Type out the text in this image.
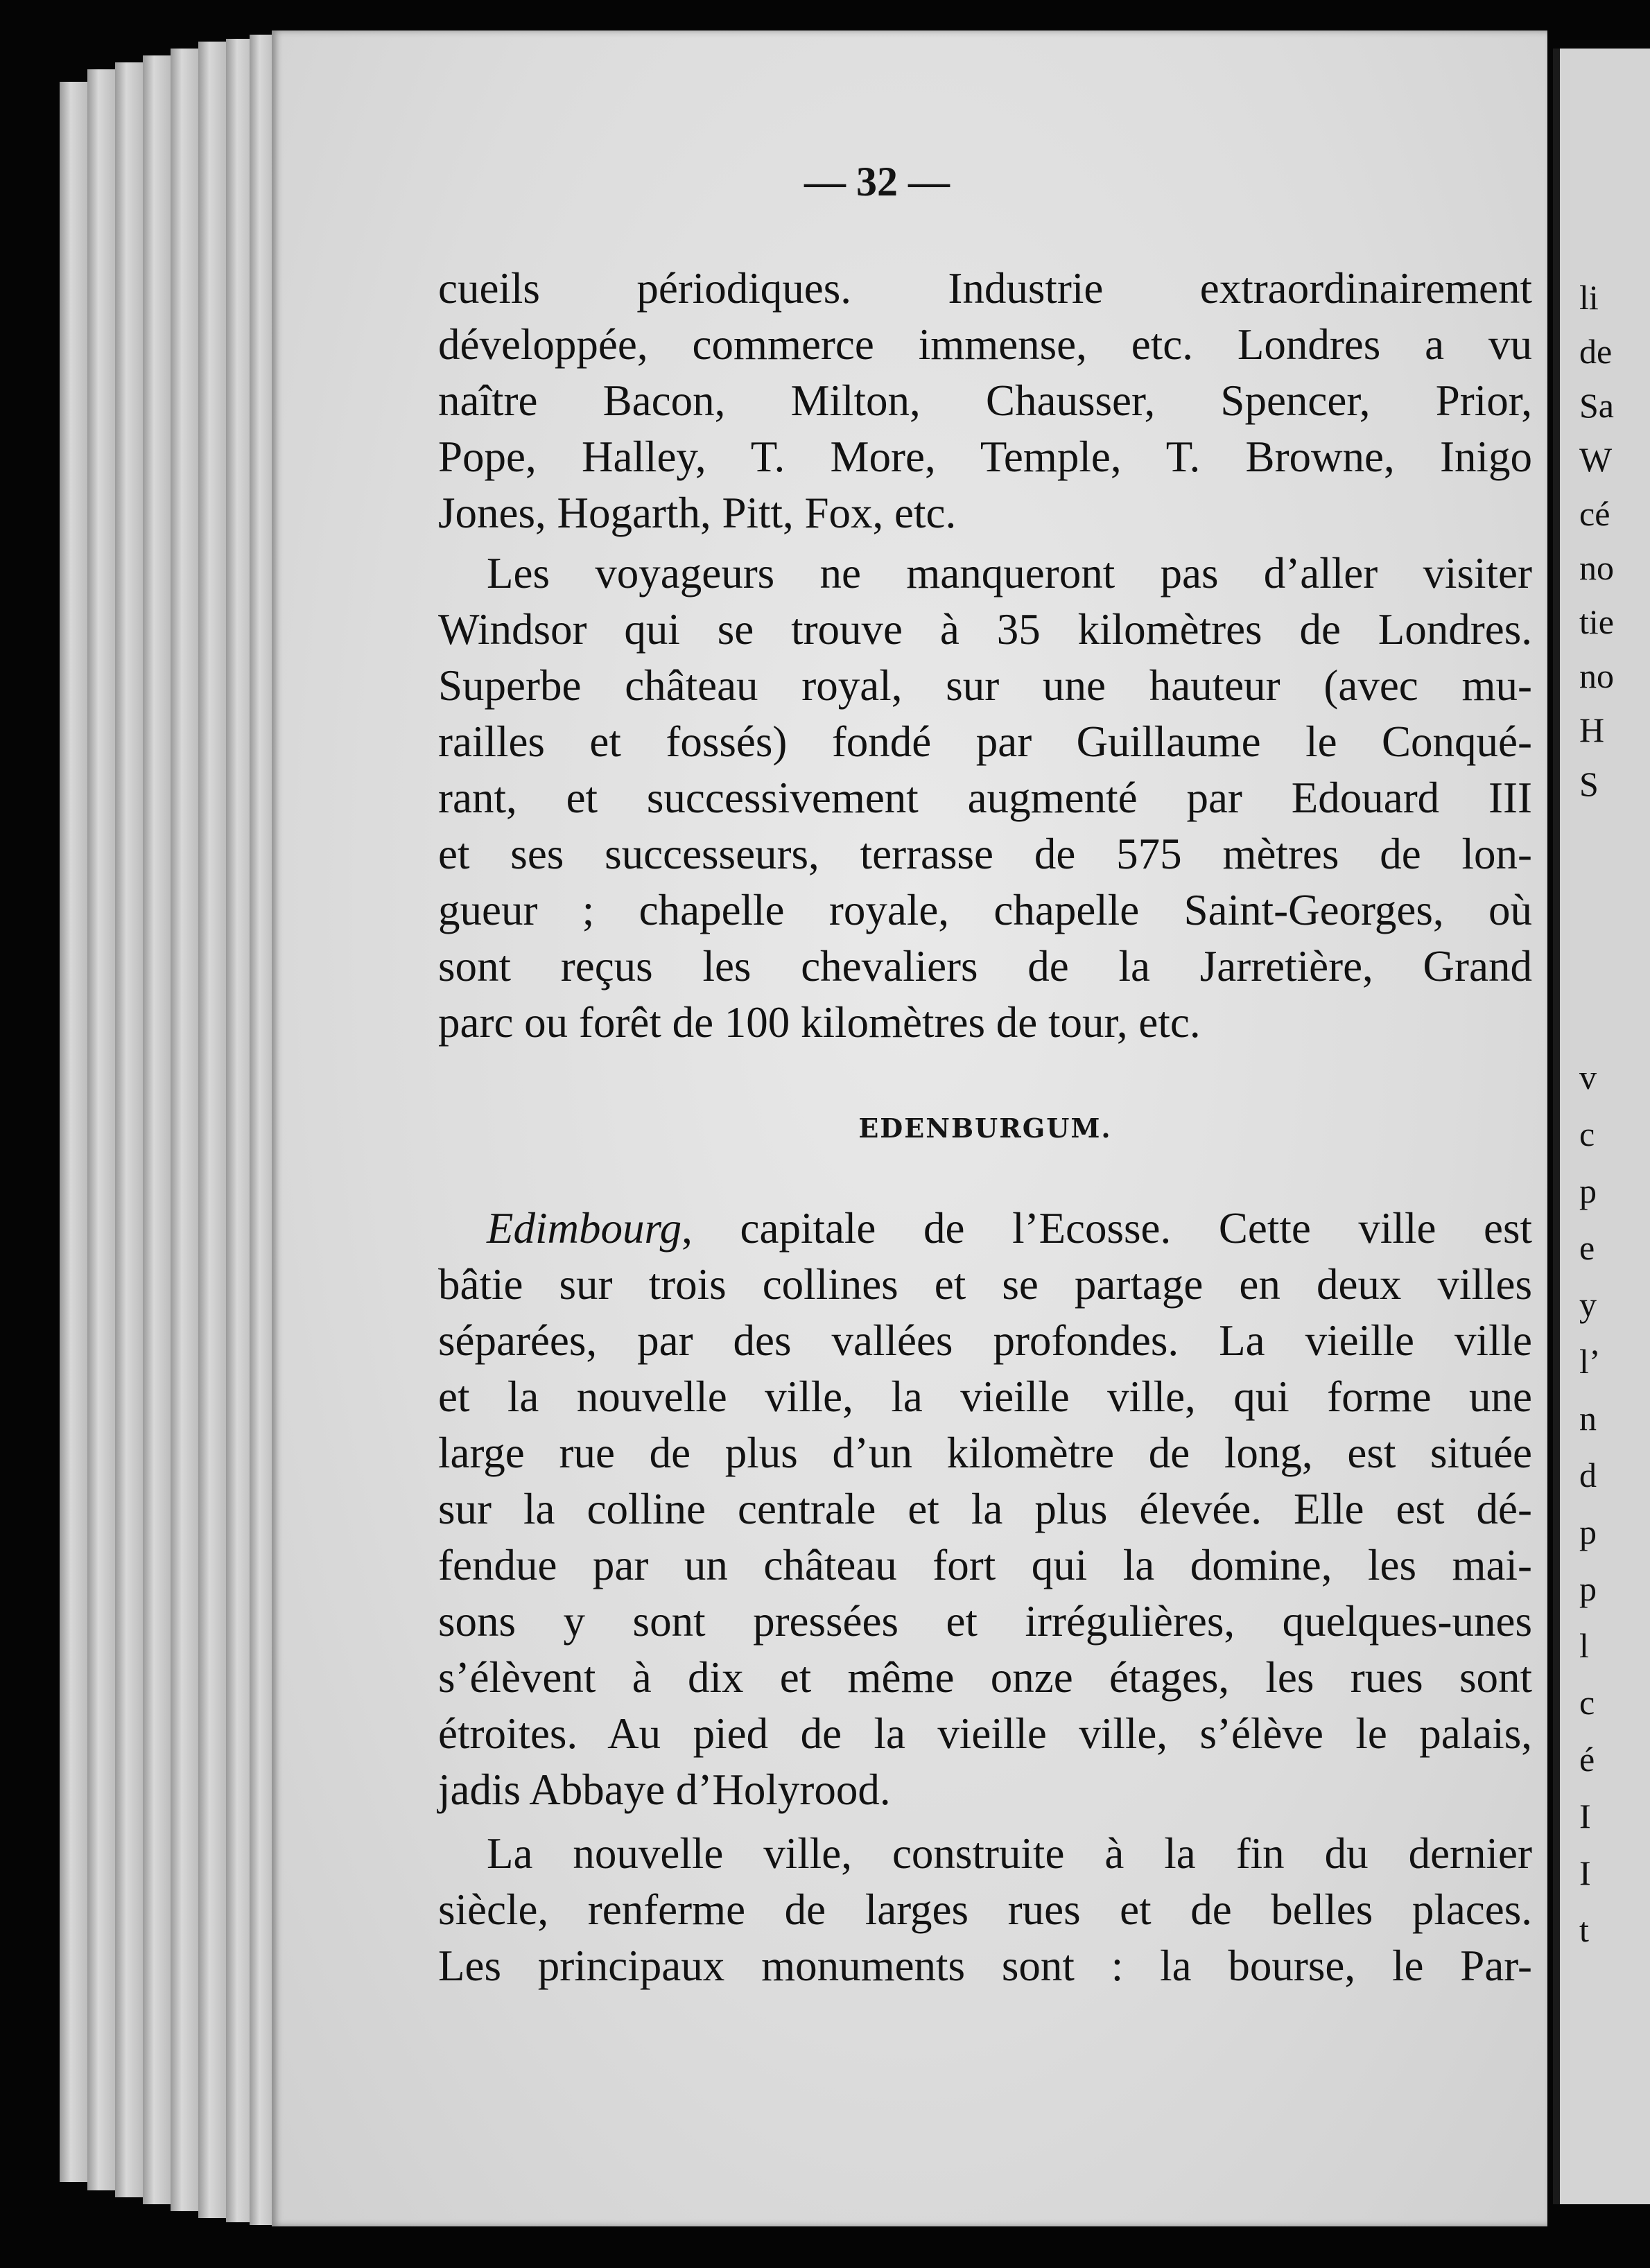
— 32 —
cueils périodiques. Industrie extraordinairement
développée, commerce immense, etc. Londres a vu
naître Bacon, Milton, Chausser, Spencer, Prior,
Pope, Halley, T. More, Temple, T. Browne, Inigo
Jones, Hogarth, Pitt, Fox, etc.
Les voyageurs ne manqueront pas d’aller visiter
Windsor qui se trouve à 35 kilomètres de Londres.
Superbe château royal, sur une hauteur (avec mu-
railles et fossés) fondé par Guillaume le Conqué-
rant, et successivement augmenté par Edouard III
et ses successeurs, terrasse de 575 mètres de lon-
gueur ; chapelle royale, chapelle Saint-Georges, où
sont reçus les chevaliers de la Jarretière, Grand
parc ou forêt de 100 kilomètres de tour, etc.
EDENBURGUM.
Edimbourg, capitale de l’Ecosse. Cette ville est
bâtie sur trois collines et se partage en deux villes
séparées, par des vallées profondes. La vieille ville
et la nouvelle ville, la vieille ville, qui forme une
large rue de plus d’un kilomètre de long, est située
sur la colline centrale et la plus élevée. Elle est dé-
fendue par un château fort qui la domine, les mai-
sons y sont pressées et irrégulières, quelques-unes
s’élèvent à dix et même onze étages, les rues sont
étroites. Au pied de la vieille ville, s’élève le palais,
jadis Abbaye d’Holyrood.
La nouvelle ville, construite à la fin du dernier
siècle, renferme de larges rues et de belles places.
Les principaux monuments sont : la bourse, le Par-
li
de
Sa
W
cé
no
tie
no
H
S
v
c
p
e
y
l’
n
d
p
p
l
c
é
I
I
t
